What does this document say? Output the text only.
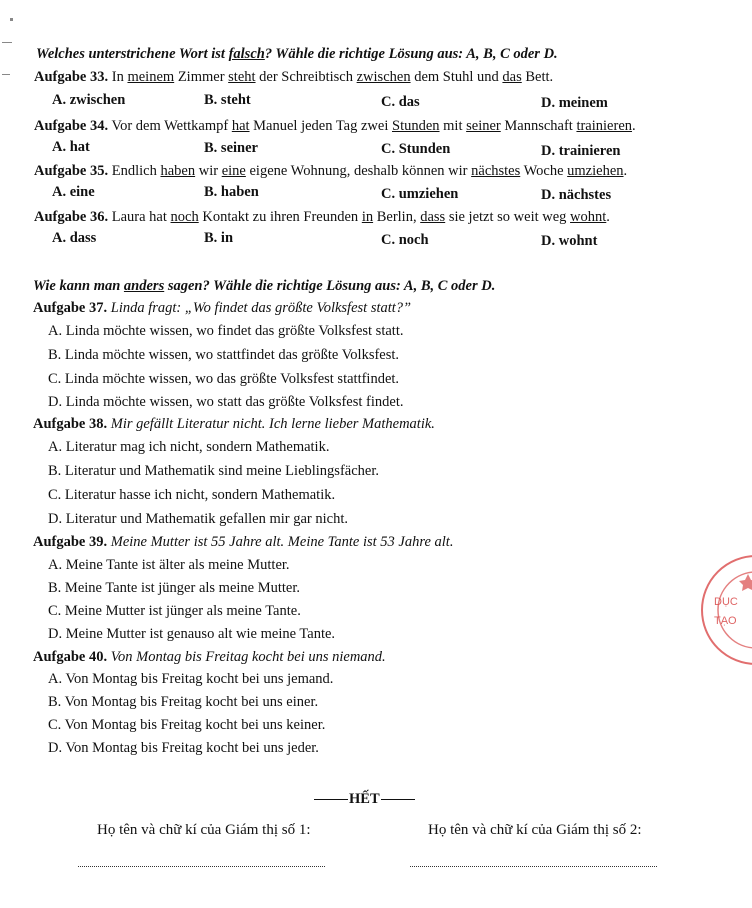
Welches unterstrichene Wort ist falsch? Wähle die richtige Lösung aus: A, B, C oder D.
Aufgabe 33. In meinem Zimmer steht der Schreibtisch zwischen dem Stuhl und das Bett.
A. zwischen	B. steht	C. das	D. meinem
Aufgabe 34. Vor dem Wettkampf hat Manuel jeden Tag zwei Stunden mit seiner Mannschaft trainieren.
A. hat	B. seiner	C. Stunden	D. trainieren
Aufgabe 35. Endlich haben wir eine eigene Wohnung, deshalb können wir nächstes Woche umziehen.
A. eine	B. haben	C. umziehen	D. nächstes
Aufgabe 36. Laura hat noch Kontakt zu ihren Freunden in Berlin, dass sie jetzt so weit weg wohnt.
A. dass	B. in	C. noch	D. wohnt
Wie kann man anders sagen? Wähle die richtige Lösung aus: A, B, C oder D.
Aufgabe 37. Linda fragt: „Wo findet das größte Volksfest statt?”
A. Linda möchte wissen, wo findet das größte Volksfest statt.
B. Linda möchte wissen, wo stattfindet das größte Volksfest.
C. Linda möchte wissen, wo das größte Volksfest stattfindet.
D. Linda möchte wissen, wo statt das größte Volksfest findet.
Aufgabe 38. Mir gefällt Literatur nicht. Ich lerne lieber Mathematik.
A. Literatur mag ich nicht, sondern Mathematik.
B. Literatur und Mathematik sind meine Lieblingsfächer.
C. Literatur hasse ich nicht, sondern Mathematik.
D. Literatur und Mathematik gefallen mir gar nicht.
Aufgabe 39. Meine Mutter ist 55 Jahre alt. Meine Tante ist 53 Jahre alt.
A. Meine Tante ist älter als meine Mutter.
B. Meine Tante ist jünger als meine Mutter.
C. Meine Mutter ist jünger als meine Tante.
D. Meine Mutter ist genauso alt wie meine Tante.
Aufgabe 40. Von Montag bis Freitag kocht bei uns niemand.
A. Von Montag bis Freitag kocht bei uns jemand.
B. Von Montag bis Freitag kocht bei uns einer.
C. Von Montag bis Freitag kocht bei uns keiner.
D. Von Montag bis Freitag kocht bei uns jeder.
HẾT
Họ tên và chữ kí của Giám thị số 1:	Họ tên và chữ kí của Giám thị số 2:
DỤC
TẠO
